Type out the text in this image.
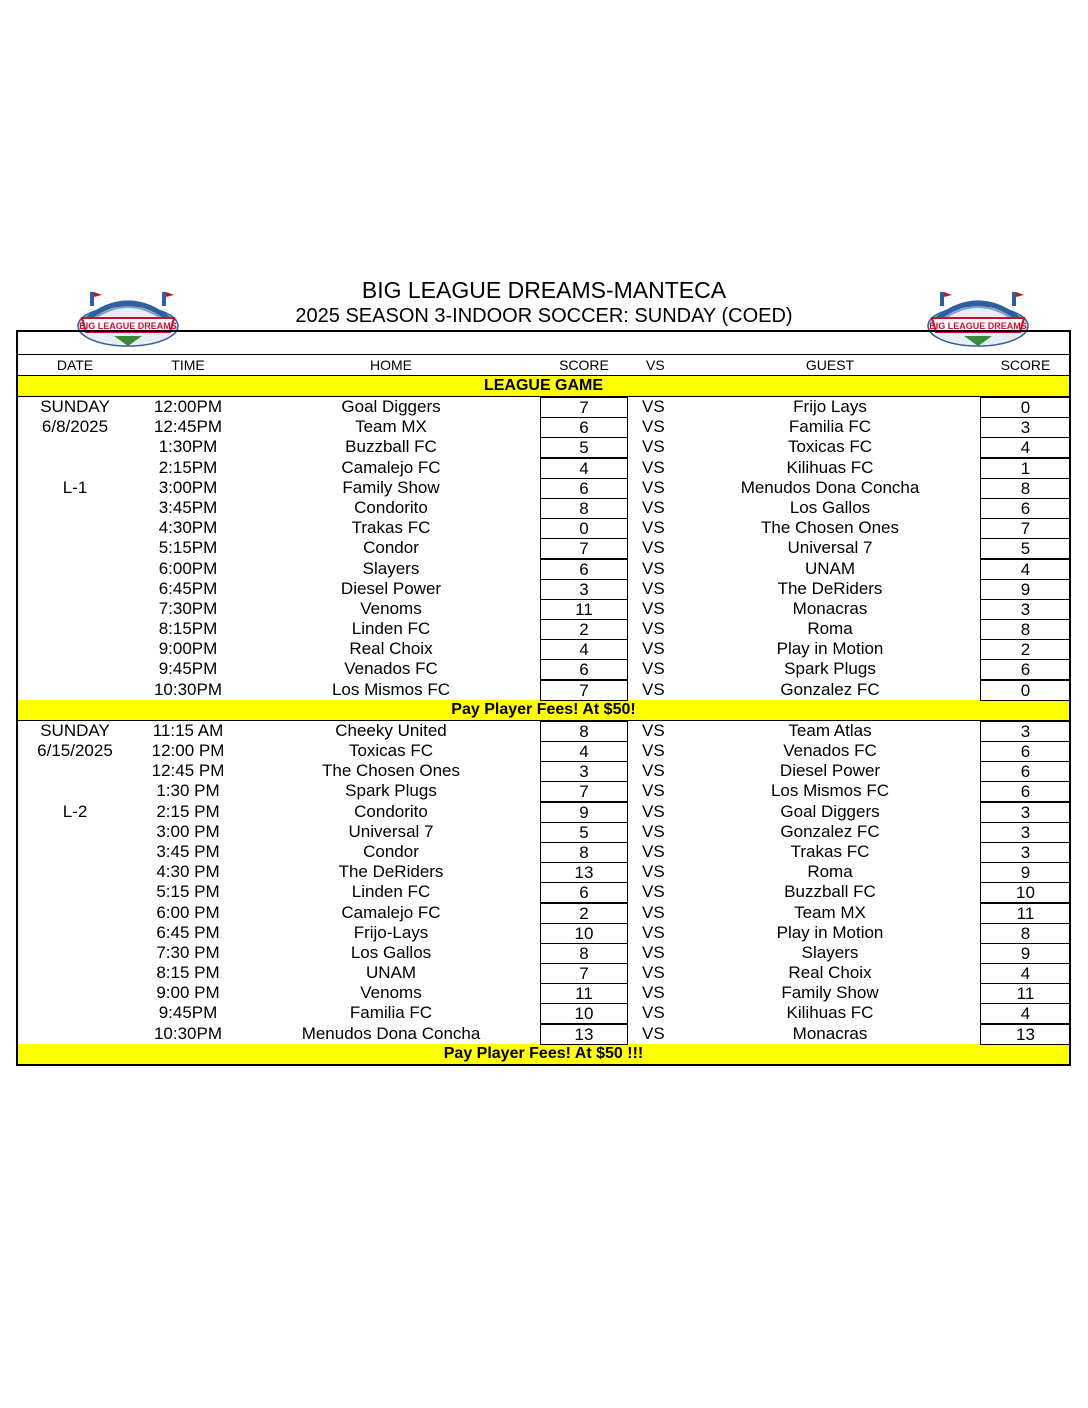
BIG LEAGUE DREAMS-MANTECA
2025 SEASON 3-INDOOR SOCCER: SUNDAY (COED)
BIG LEAGUE DREAMS	BIG LEAGUE DREAMS
DATE	TIME	HOME	SCORE	VS	GUEST	SCORE
LEAGUE GAME
SUNDAY	12:00PM	Goal Diggers	7	VS	Frijo Lays	0
6/8/2025	12:45PM	Team MX	6	VS	Familia FC	3
1:30PM	Buzzball FC	5	VS	Toxicas FC	4
2:15PM	Camalejo FC	4	VS	Kilihuas FC	1
L-1	3:00PM	Family Show	6	VS	Menudos Dona Concha	8
3:45PM	Condorito	8	VS	Los Gallos	6
4:30PM	Trakas FC	0	VS	The Chosen Ones	7
5:15PM	Condor	7	VS	Universal 7	5
6:00PM	Slayers	6	VS	UNAM	4
6:45PM	Diesel Power	3	VS	The DeRiders	9
7:30PM	Venoms	11	VS	Monacras	3
8:15PM	Linden FC	2	VS	Roma	8
9:00PM	Real Choix	4	VS	Play in Motion	2
9:45PM	Venados FC	6	VS	Spark Plugs	6
10:30PM	Los Mismos FC	7	VS	Gonzalez FC	0
Pay Player Fees! At $50!
SUNDAY	11:15 AM	Cheeky United	8	VS	Team Atlas	3
6/15/2025	12:00 PM	Toxicas FC	4	VS	Venados FC	6
12:45 PM	The Chosen Ones	3	VS	Diesel Power	6
1:30 PM	Spark Plugs	7	VS	Los Mismos FC	6
L-2	2:15 PM	Condorito	9	VS	Goal Diggers	3
3:00 PM	Universal 7	5	VS	Gonzalez FC	3
3:45 PM	Condor	8	VS	Trakas FC	3
4:30 PM	The DeRiders	13	VS	Roma	9
5:15 PM	Linden FC	6	VS	Buzzball FC	10
6:00 PM	Camalejo FC	2	VS	Team MX	11
6:45 PM	Frijo-Lays	10	VS	Play in Motion	8
7:30 PM	Los Gallos	8	VS	Slayers	9
8:15 PM	UNAM	7	VS	Real Choix	4
9:00 PM	Venoms	11	VS	Family Show	11
9:45PM	Familia FC	10	VS	Kilihuas FC	4
10:30PM	Menudos Dona Concha	13	VS	Monacras	13
Pay Player Fees! At $50 !!!
